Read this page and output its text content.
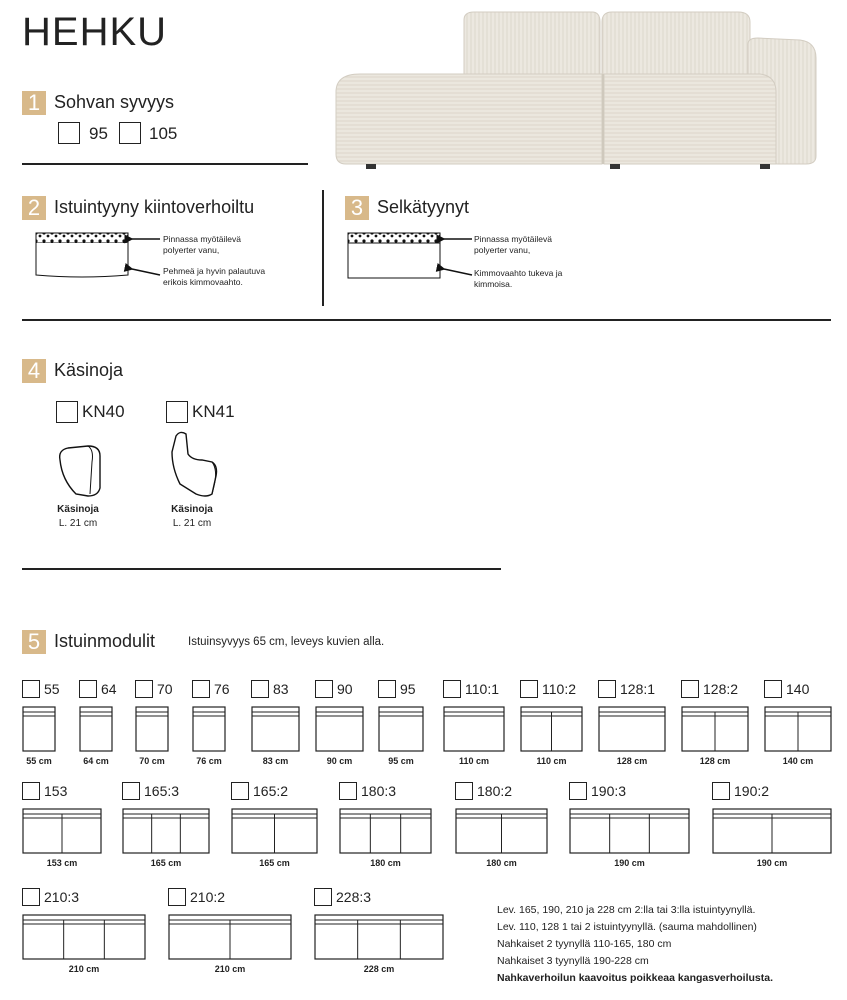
HEHKU
1 Sohvan syvyys
95 105
2 Istuintyyny kiintoverhoiltu
Pinnassa myötäilevä
polyerter vanu,
Pehmeä ja hyvin palautuva
erikois kimmovaahto.
3 Selkätyynyt
Pinnassa myötäilevä
polyerter vanu,
Kimmovaahto tukeva ja
kimmoisa.
4 Käsinoja
KN40
Käsinoja
L. 21 cm
KN41
Käsinoja
L. 21 cm
5 Istuinmodulit	Istuinsyvyys 65 cm, leveys kuvien alla.
55
55 cm
64
64 cm
70
70 cm
76
76 cm
83
83 cm
90
90 cm
95
95 cm
110:1
110 cm
110:2
110 cm
128:1
128 cm
128:2
128 cm
140
140 cm
153
153 cm
165:3
165 cm
165:2
165 cm
180:3
180 cm
180:2
180 cm
190:3
190 cm
190:2
190 cm
210:3
210 cm
210:2
210 cm
228:3
228 cm
Lev. 165, 190, 210 ja 228 cm 2:lla tai 3:lla istuintyynyllä.
Lev. 110, 128 1 tai 2 istuintyynyllä. (sauma mahdollinen)
Nahkaiset 2 tyynyllä 110-165, 180 cm
Nahkaiset 3 tyynyllä 190-228 cm
Nahkaverhoilun kaavoitus poikkeaa kangasverhoilusta.
